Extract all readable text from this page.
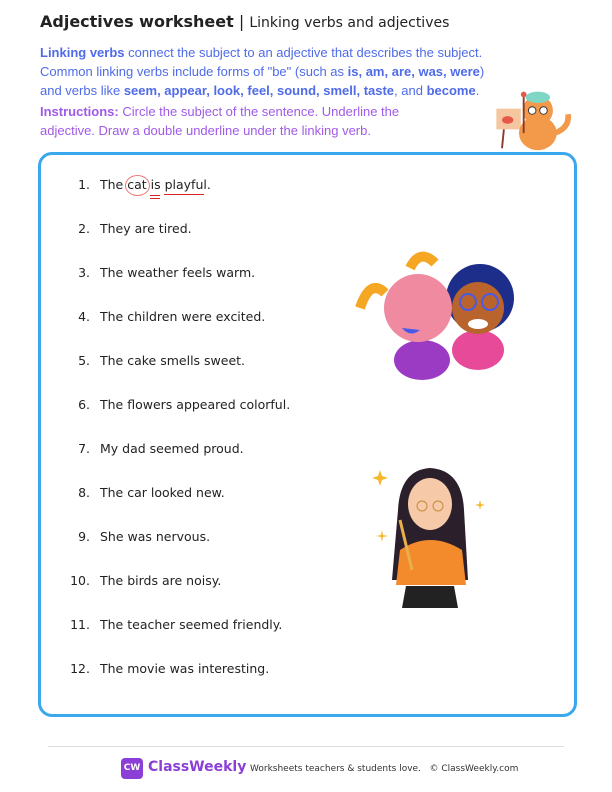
Adjectives worksheet | Linking verbs and adjectives
Linking verbs connect the subject to an adjective that describes the subject. Common linking verbs include forms of "be" (such as is, am, are, was, were) and verbs like seem, appear, look, feel, sound, smell, taste, and become.
Instructions: Circle the subject of the sentence. Underline the adjective. Draw a double underline under the linking verb.
1. The cat is playful.
2. They are tired.
3. The weather feels warm.
4. The children were excited.
5. The cake smells sweet.
6. The flowers appeared colorful.
7. My dad seemed proud.
8. The car looked new.
9. She was nervous.
10. The birds are noisy.
11. The teacher seemed friendly.
12. The movie was interesting.
CW ClassWeekly Worksheets teachers & students love. © ClassWeekly.com
